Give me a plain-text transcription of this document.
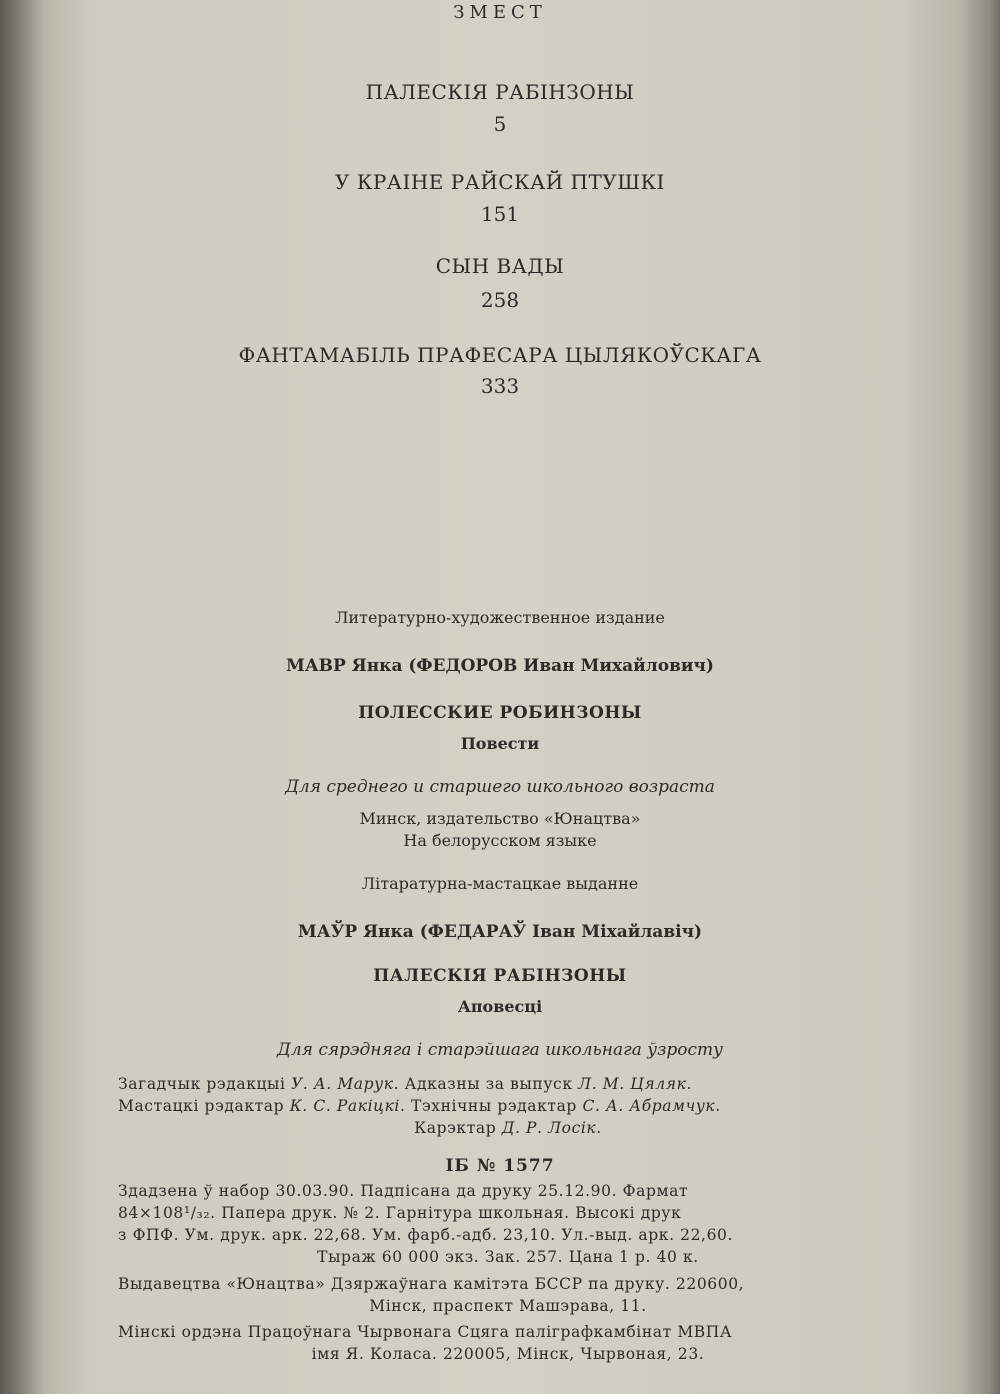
ЗМЕСТ
ПАЛЕСКІЯ РАБІНЗОНЫ
5
У КРАІНЕ РАЙСКАЙ ПТУШКІ
151
СЫН ВАДЫ
258
ФАНТАМАБІЛЬ ПРАФЕСАРА ЦЫЛЯКОЎСКАГА
333
Литературно-художественное издание
МАВР Янка (ФЕДОРОВ Иван Михайлович)
ПОЛЕССКИЕ РОБИНЗОНЫ
Повести
Для среднего и старшего школьного возраста
Минск, издательство «Юнацтва»
На белорусском языке
Літаратурна-мастацкае выданне
МАЎР Янка (ФЕДАРАЎ Іван Міхайлавіч)
ПАЛЕСКІЯ РАБІНЗОНЫ
Аповесці
Для сярэдняга і старэйшага школьнага ўзросту
Загадчык рэдакцыі У. А. Марук. Адказны за выпуск Л. М. Цяляк.
Мастацкі рэдактар К. С. Ракіцкі. Тэхнічны рэдактар С. А. Абрамчук.
Карэктар Д. Р. Лосік.
ІБ № 1577
Здадзена ў набор 30.03.90. Падпісана да друку 25.12.90. Фармат
84×108¹/₃₂. Папера друк. № 2. Гарнітура школьная. Высокі друк
з ФПФ. Ум. друк. арк. 22,68. Ум. фарб.-адб. 23,10. Ул.-выд. арк. 22,60.
Тыраж 60 000 экз. Зак. 257. Цана 1 р. 40 к.
Выдавецтва «Юнацтва» Дзяржаўнага камітэта БССР па друку. 220600,
Мінск, праспект Машэрава, 11.
Мінскі ордэна Працоўнага Чырвонага Сцяга паліграфкамбінат МВПА
імя Я. Коласа. 220005, Мінск, Чырвоная, 23.
